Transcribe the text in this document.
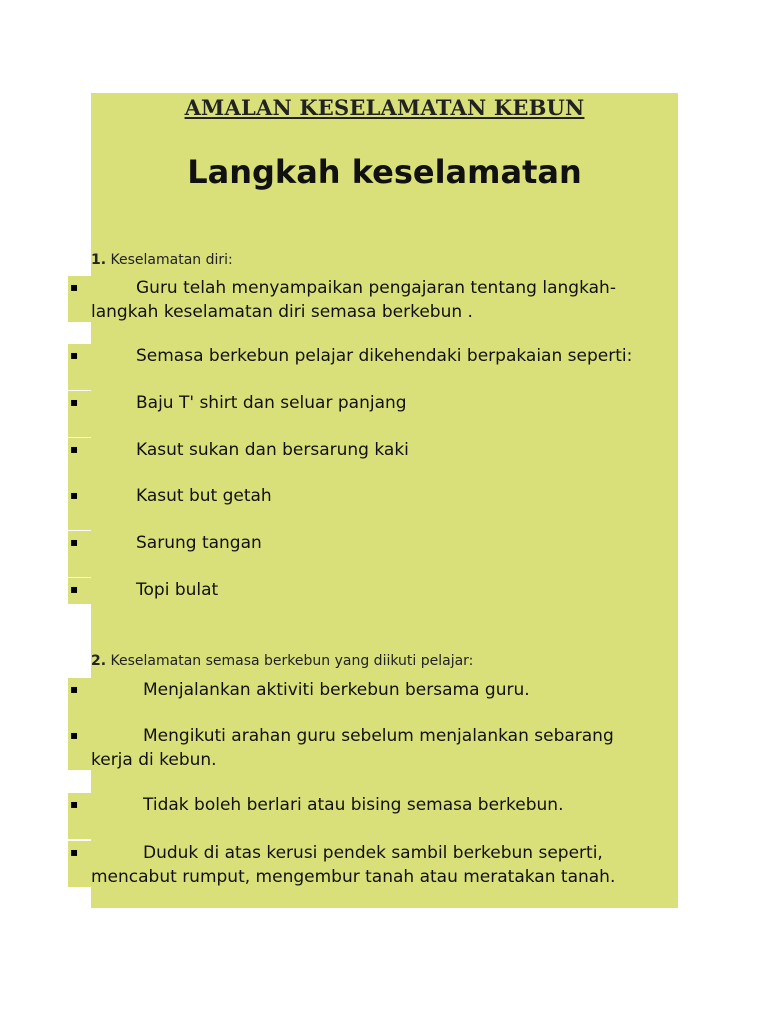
AMALAN KESELAMATAN KEBUN
Langkah keselamatan
1. Keselamatan diri:
▪	Guru telah menyampaikan pengajaran tentang langkah-
langkah keselamatan diri semasa berkebun .
▪	Semasa berkebun pelajar dikehendaki berpakaian seperti:
▪	Baju T' shirt dan seluar panjang
▪	Kasut sukan dan bersarung kaki
▪	Kasut but getah
▪	Sarung tangan
▪	Topi bulat
2. Keselamatan semasa berkebun yang diikuti pelajar:
▪	Menjalankan aktiviti berkebun bersama guru.
▪	Mengikuti arahan guru sebelum menjalankan sebarang
kerja di kebun.
▪	Tidak boleh berlari atau bising semasa berkebun.
▪	Duduk di atas kerusi pendek sambil berkebun seperti,
mencabut rumput, mengembur tanah atau meratakan tanah.
